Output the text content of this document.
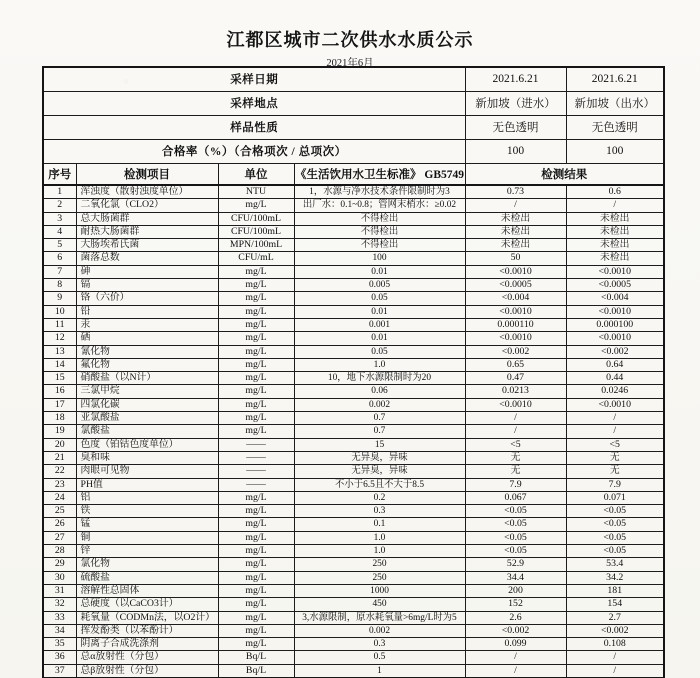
江都区城市二次供水水质公示
2021年6月
采样日期				2021.6.21	2021.6.21
采样地点				新加坡（进水）	新加坡（出水）
样品性质				无色透明	无色透明
合格率（%）（合格项次 / 总项次）				100	100
序号	检测项目	单位	《生活饮用水卫生标准》 GB5749	检测结果	
1	浑浊度（散射浊度单位）	NTU	1，水源与净水技术条件限制时为3	0.73	0.6
2	二氧化氯（CLO2）	mg/L	出厂水：0.1~0.8；管网末梢水：≥0.02	/	/
3	总大肠菌群	CFU/100mL	不得检出	未检出	未检出
4	耐热大肠菌群	CFU/100mL	不得检出	未检出	未检出
5	大肠埃希氏菌	MPN/100mL	不得检出	未检出	未检出
6	菌落总数	CFU/mL	100	50	未检出
7	砷	mg/L	0.01	<0.0010	<0.0010
8	镉	mg/L	0.005	<0.0005	<0.0005
9	铬（六价）	mg/L	0.05	<0.004	<0.004
10	铅	mg/L	0.01	<0.0010	<0.0010
11	汞	mg/L	0.001	0.000110	0.000100
12	硒	mg/L	0.01	<0.0010	<0.0010
13	氰化物	mg/L	0.05	<0.002	<0.002
14	氟化物	mg/L	1.0	0.65	0.64
15	硝酸盐（以N计）	mg/L	10，地下水源限制时为20	0.47	0.44
16	三氯甲烷	mg/L	0.06	0.0213	0.0246
17	四氯化碳	mg/L	0.002	<0.0010	<0.0010
18	亚氯酸盐	mg/L	0.7	/	/
19	氯酸盐	mg/L	0.7	/	/
20	色度（铂钴色度单位）	——	15	<5	<5
21	臭和味	——	无异臭，异味	无	无
22	肉眼可见物	——	无异臭，异味	无	无
23	PH值	——	不小于6.5且不大于8.5	7.9	7.9
24	铝	mg/L	0.2	0.067	0.071
25	铁	mg/L	0.3	<0.05	<0.05
26	锰	mg/L	0.1	<0.05	<0.05
27	铜	mg/L	1.0	<0.05	<0.05
28	锌	mg/L	1.0	<0.05	<0.05
29	氯化物	mg/L	250	52.9	53.4
30	硫酸盐	mg/L	250	34.4	34.2
31	溶解性总固体	mg/L	1000	200	181
32	总硬度（以CaCO3计）	mg/L	450	152	154
33	耗氧量（CODMn法，以O2计）	mg/L	3,水源限制，原水耗氧量>6mg/L时为5	2.6	2.7
34	挥发酚类（以苯酚计）	mg/L	0.002	<0.002	<0.002
35	阴离子合成洗涤剂	mg/L	0.3	0.099	0.108
36	总α放射性（分包）	Bq/L	0.5	/	/
37	总β放射性（分包）	Bq/L	1	/	/
